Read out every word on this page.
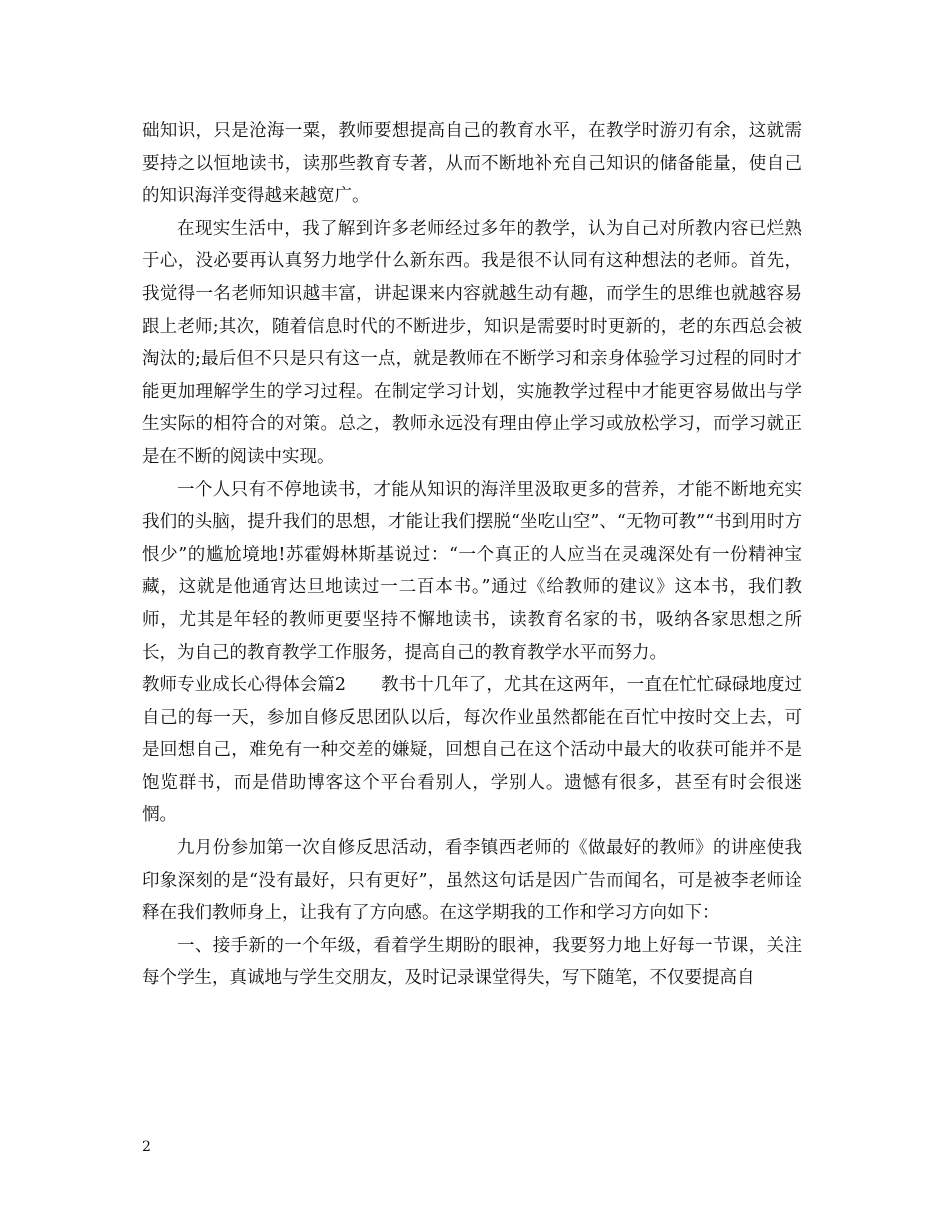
础知识，只是沧海一粟，教师要想提高自己的教育水平，在教学时游刃有余，这就需要持之以恒地读书，读那些教育专著，从而不断地补充自己知识的储备能量，使自己的知识海洋变得越来越宽广。

在现实生活中，我了解到许多老师经过多年的教学，认为自己对所教内容已烂熟于心，没必要再认真努力地学什么新东西。我是很不认同有这种想法的老师。首先，我觉得一名老师知识越丰富，讲起课来内容就越生动有趣，而学生的思维也就越容易跟上老师;其次，随着信息时代的不断进步，知识是需要时时更新的，老的东西总会被淘汰的;最后但不只是只有这一点，就是教师在不断学习和亲身体验学习过程的同时才能更加理解学生的学习过程。在制定学习计划，实施教学过程中才能更容易做出与学生实际的相符合的对策。总之，教师永远没有理由停止学习或放松学习，而学习就正是在不断的阅读中实现。

一个人只有不停地读书，才能从知识的海洋里汲取更多的营养，才能不断地充实我们的头脑，提升我们的思想，才能让我们摆脱“坐吃山空”、“无物可教”“书到用时方恨少”的尴尬境地!苏霍姆林斯基说过：“一个真正的人应当在灵魂深处有一份精神宝藏，这就是他通宵达旦地读过一二百本书。”通过《给教师的建议》这本书，我们教师，尤其是年轻的教师更要坚持不懈地读书，读教育名家的书，吸纳各家思想之所长，为自己的教育教学工作服务，提高自己的教育教学水平而努力。

教师专业成长心得体会篇2　　教书十几年了，尤其在这两年，一直在忙忙碌碌地度过自己的每一天，参加自修反思团队以后，每次作业虽然都能在百忙中按时交上去，可是回想自己，难免有一种交差的嫌疑，回想自己在这个活动中最大的收获可能并不是饱览群书，而是借助博客这个平台看别人，学别人。遗憾有很多，甚至有时会很迷惘。

九月份参加第一次自修反思活动，看李镇西老师的《做最好的教师》的讲座使我印象深刻的是“没有最好，只有更好”，虽然这句话是因广告而闻名，可是被李老师诠释在我们教师身上，让我有了方向感。在这学期我的工作和学习方向如下：

一、接手新的一个年级，看着学生期盼的眼神，我要努力地上好每一节课，关注每个学生，真诚地与学生交朋友，及时记录课堂得失，写下随笔，不仅要提高自

2
